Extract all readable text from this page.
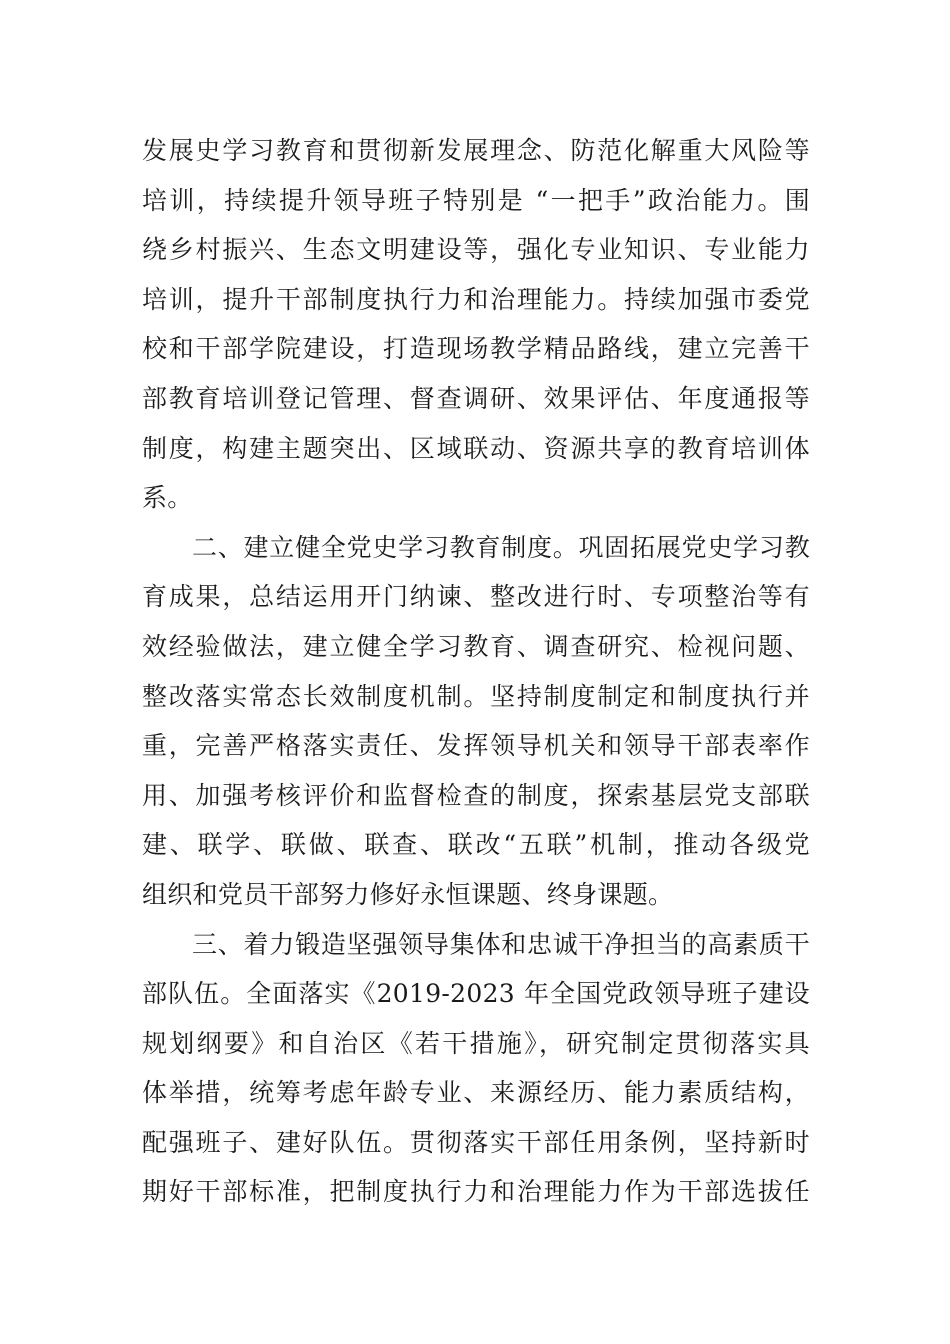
发展史学习教育和贯彻新发展理念、防范化解重大风险等
培训，持续提升领导班子特别是 “一把手”政治能力。围
绕乡村振兴、生态文明建设等，强化专业知识、专业能力
培训，提升干部制度执行力和治理能力。持续加强市委党
校和干部学院建设，打造现场教学精品路线，建立完善干
部教育培训登记管理、督查调研、效果评估、年度通报等
制度，构建主题突出、区域联动、资源共享的教育培训体
系。
二、建立健全党史学习教育制度。巩固拓展党史学习教
育成果，总结运用开门纳谏、整改进行时、专项整治等有
效经验做法，建立健全学习教育、调查研究、检视问题、
整改落实常态长效制度机制。坚持制度制定和制度执行并
重，完善严格落实责任、发挥领导机关和领导干部表率作
用、加强考核评价和监督检查的制度，探索基层党支部联
建、联学、联做、联查、联改“五联”机制，推动各级党
组织和党员干部努力修好永恒课题、终身课题。
三、着力锻造坚强领导集体和忠诚干净担当的高素质干
部队伍。全面落实《2019-2023 年全国党政领导班子建设
规划纲要》和自治区《若干措施》，研究制定贯彻落实具
体举措，统筹考虑年龄专业、来源经历、能力素质结构，
配强班子、建好队伍。贯彻落实干部任用条例，坚持新时
期好干部标准，把制度执行力和治理能力作为干部选拔任
